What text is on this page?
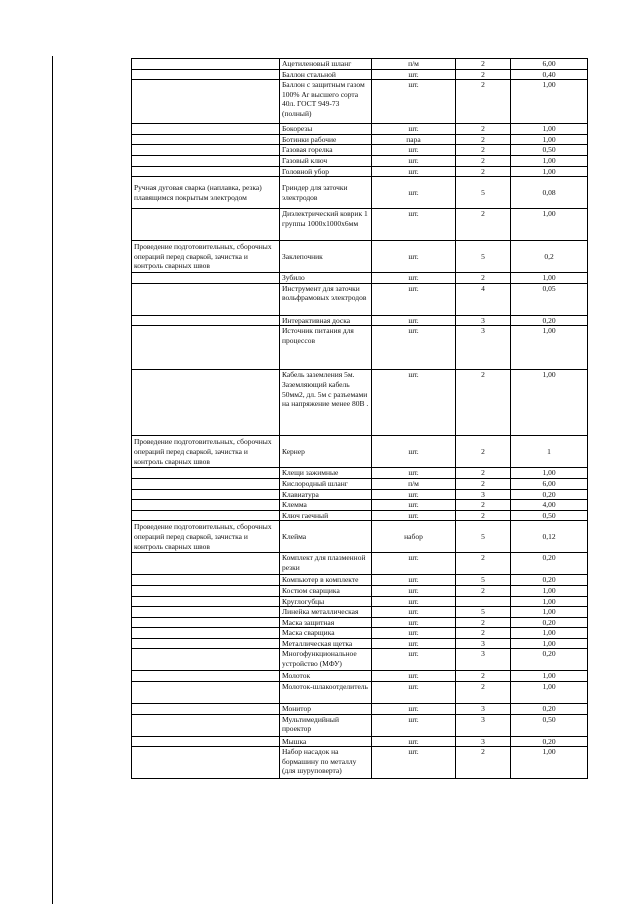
	Ацетиленовый шланг	п/м	2	6,00
	Баллон стальной	шт.	2	0,40
	Баллон с защитным газом 100% Ar высшего сорта 40л. ГОСТ 949-73 (полный)	шт.	2	1,00
	Бокорезы	шт.	2	1,00
	Ботинки рабочие	пара	2	1,00
	Газовая горелка	шт.	2	0,50
	Газовый ключ	шт.	2	1,00
	Головной убор	шт.	2	1,00
Ручная дуговая сварка (наплавка, резка) плавящимся покрытым электродом	Гриндер для заточки электродов	шт.	5	0,08
	Диэлектрический коврик 1 группы 1000х1000х6мм	шт.	2	1,00
Проведение подготовительных, сборочных операций перед сваркой, зачистка и контроль сварных швов	Заклепочник	шт.	5	0,2
	Зубило	шт.	2	1,00
	Инструмент для заточки вольфрамовых электродов	шт.	4	0,05
	Интерактивная доска	шт.	3	0,20
	Источник питания для процессов	шт.	3	1,00
	Кабель заземления 5м. Заземляющий кабель 50мм2, дл. 5м с разъемами на напряжение менее 80В .	шт.	2	1,00
Проведение подготовительных, сборочных операций перед сваркой, зачистка и контроль сварных швов	Кернер	шт.	2	1
	Клещи зажимные	шт.	2	1,00
	Кислородный шланг	п/м	2	6,00
	Клавиатура	шт.	3	0,20
	Клемма	шт.	2	4,00
	Ключ гаечный	шт.	2	0,50
Проведение подготовительных, сборочных операций перед сваркой, зачистка и контроль сварных швов	Клейма	набор	5	0,12
	Комплект для плазменной резки	шт.	2	0,20
	Компьютер в комплекте	шт.	5	0,20
	Костюм сварщика	шт.	2	1,00
	Круглогубцы	шт.		1,00
	Линейка металлическая	шт.	5	1,00
	Маска защитная	шт.	2	0,20
	Маска сварщика	шт.	2	1,00
	Металлическая щетка	шт.	3	1,00
	Многофункциональное устройство (МФУ)	шт.	3	0,20
	Молоток	шт.	2	1,00
	Молоток-шлакоотделитель	шт.	2	1,00
	Монитор	шт.	3	0,20
	Мультимедийный проектор	шт.	3	0,50
	Мышка	шт.	3	0,20
	Набор насадок на бормашину по металлу (для шуруповерта)	шт.	2	1,00
